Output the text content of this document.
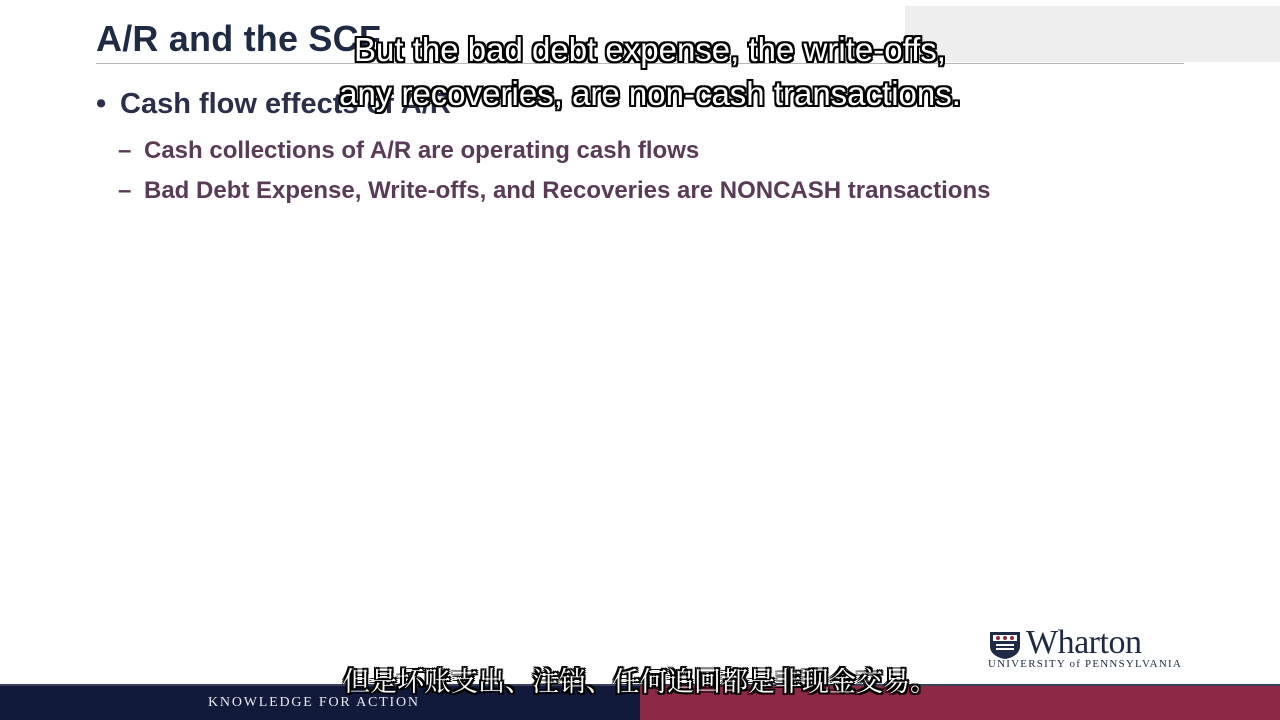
A/R and the SCF
• Cash flow effects of A/R
– Cash collections of A/R are operating cash flows
– Bad Debt Expense, Write-offs, and Recoveries are NONCASH transactions
But the bad debt expense, the write-offs,
any recoveries, are non-cash transactions.
Wharton
UNIVERSITY of PENNSYLVANIA
KNOWLEDGE FOR ACTION
但是坏账支出、注销、任何追回都是非现金交易。
